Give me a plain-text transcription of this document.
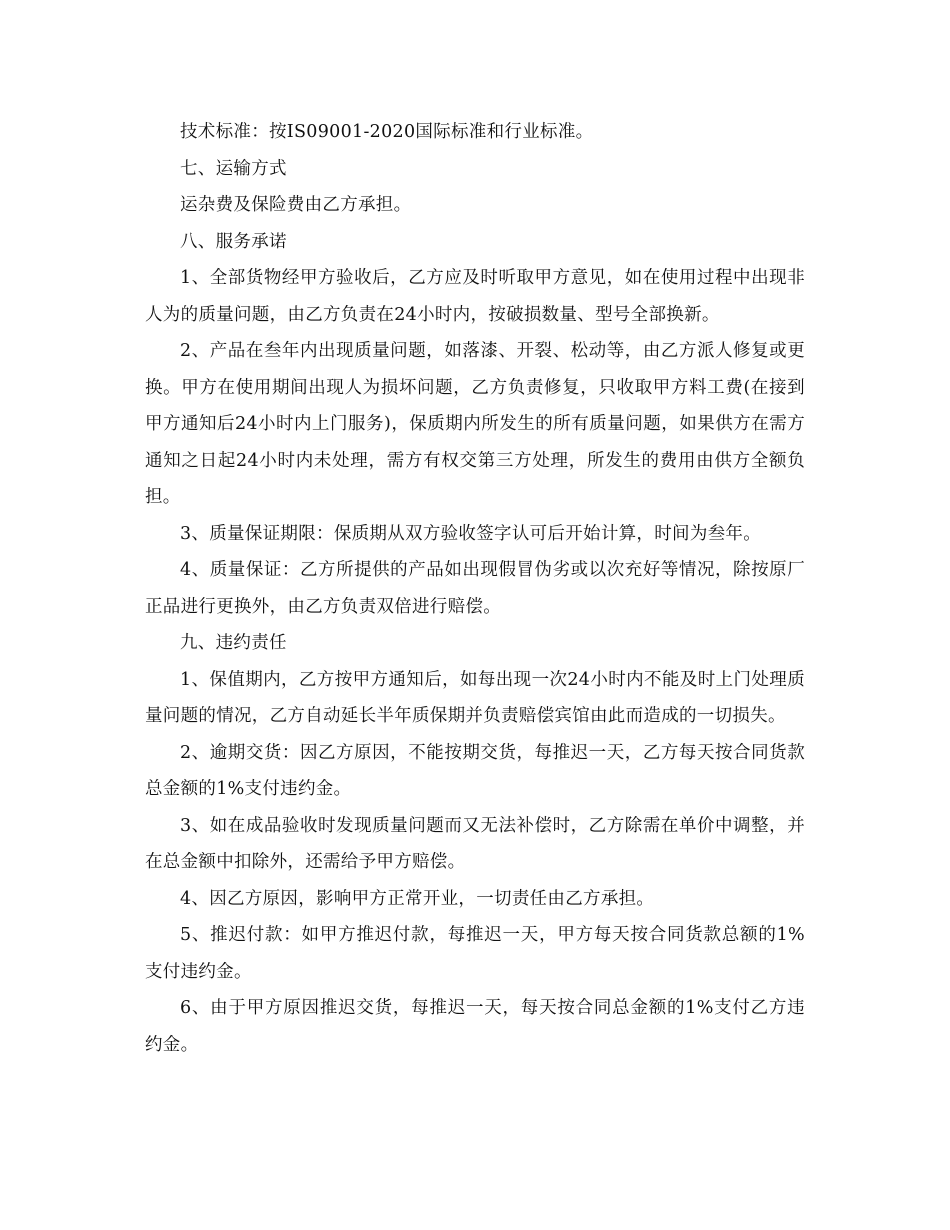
技术标准：按IS09001-2020国际标准和行业标准。

七、运输方式

运杂费及保险费由乙方承担。

八、服务承诺

1、全部货物经甲方验收后，乙方应及时听取甲方意见，如在使用过程中出现非人为的质量问题，由乙方负责在24小时内，按破损数量、型号全部换新。

2、产品在叁年内出现质量问题，如落漆、开裂、松动等，由乙方派人修复或更换。甲方在使用期间出现人为损坏问题，乙方负责修复，只收取甲方料工费(在接到甲方通知后24小时内上门服务)，保质期内所发生的所有质量问题，如果供方在需方通知之日起24小时内未处理，需方有权交第三方处理，所发生的费用由供方全额负担。

3、质量保证期限：保质期从双方验收签字认可后开始计算，时间为叁年。

4、质量保证：乙方所提供的产品如出现假冒伪劣或以次充好等情况，除按原厂正品进行更换外，由乙方负责双倍进行赔偿。

九、违约责任

1、保值期内，乙方按甲方通知后，如每出现一次24小时内不能及时上门处理质量问题的情况，乙方自动延长半年质保期并负责赔偿宾馆由此而造成的一切损失。

2、逾期交货：因乙方原因，不能按期交货，每推迟一天，乙方每天按合同货款总金额的1%支付违约金。

3、如在成品验收时发现质量问题而又无法补偿时，乙方除需在单价中调整，并在总金额中扣除外，还需给予甲方赔偿。

4、因乙方原因，影响甲方正常开业，一切责任由乙方承担。

5、推迟付款：如甲方推迟付款，每推迟一天，甲方每天按合同货款总额的1%支付违约金。

6、由于甲方原因推迟交货，每推迟一天，每天按合同总金额的1%支付乙方违约金。
